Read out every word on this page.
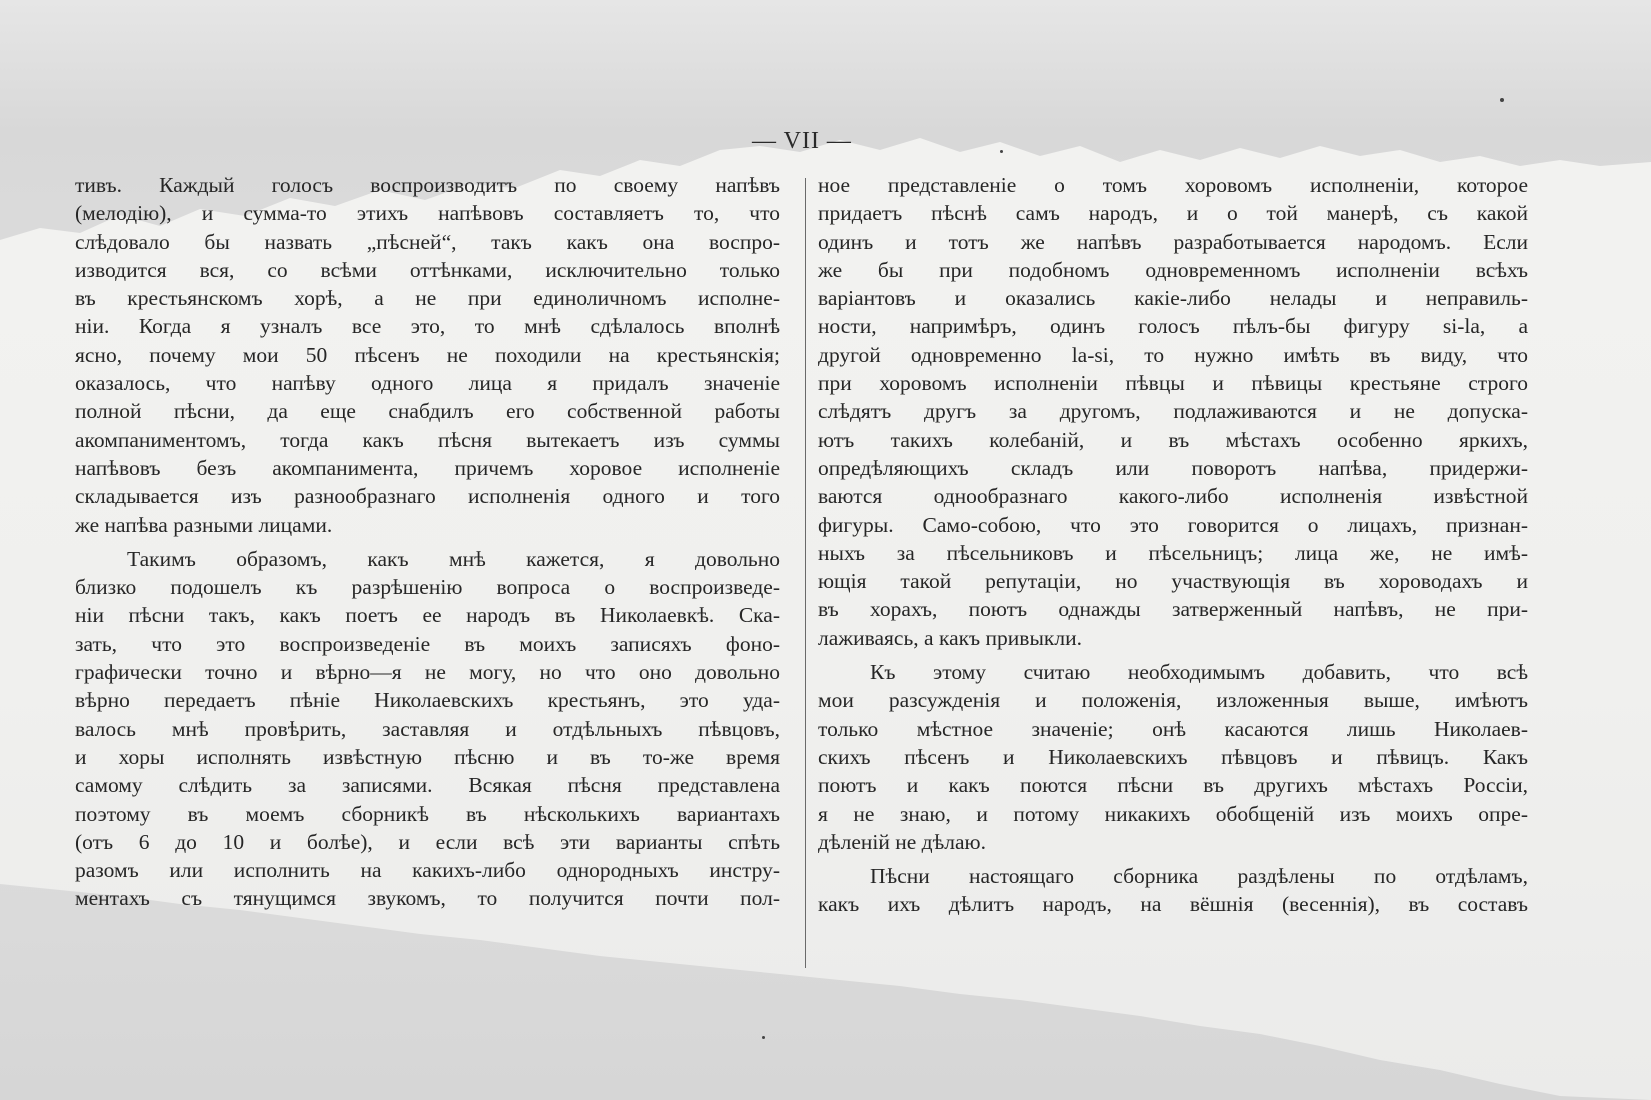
— VII —
тивъ. Каждый голосъ воспроизводитъ по своему напѣвъ
(мелодію), и сумма-то этихъ напѣвовъ составляетъ то, что
слѣдовало бы назвать „пѣсней“, такъ какъ она воспро-
изводится вся, со всѣми оттѣнками, исключительно только
въ крестьянскомъ хорѣ, а не при единоличномъ исполне-
ніи. Когда я узналъ все это, то мнѣ сдѣлалось вполнѣ
ясно, почему мои 50 пѣсенъ не походили на крестьянскія;
оказалось, что напѣву одного лица я придалъ значеніе
полной пѣсни, да еще снабдилъ его собственной работы
акомпаниментомъ, тогда какъ пѣсня вытекаетъ изъ суммы
напѣвовъ безъ акомпанимента, причемъ хоровое исполненіе
складывается изъ разнообразнаго исполненія одного и того
же напѣва разными лицами.
Такимъ образомъ, какъ мнѣ кажется, я довольно
близко подошелъ къ разрѣшенію вопроса о воспроизведе-
ніи пѣсни такъ, какъ поетъ ее народъ въ Николаевкѣ. Ска-
зать, что это воспроизведеніе въ моихъ записяхъ фоно-
графически точно и вѣрно—я не могу, но что оно довольно
вѣрно передаетъ пѣніе Николаевскихъ крестьянъ, это уда-
валось мнѣ провѣрить, заставляя и отдѣльныхъ пѣвцовъ,
и хоры исполнять извѣстную пѣсню и въ то-же время
самому слѣдить за записями. Всякая пѣсня представлена
поэтому въ моемъ сборникѣ въ нѣсколькихъ вариантахъ
(отъ 6 до 10 и болѣе), и если всѣ эти варианты спѣть
разомъ или исполнить на какихъ-либо однородныхъ инстру-
ментахъ съ тянущимся звукомъ, то получится почти пол-
ное представленіе о томъ хоровомъ исполненіи, которое
придаетъ пѣснѣ самъ народъ, и о той манерѣ, съ какой
одинъ и тотъ же напѣвъ разработывается народомъ. Если
же бы при подобномъ одновременномъ исполненіи всѣхъ
варіантовъ и оказались какіе-либо нелады и неправиль-
ности, напримѣръ, одинъ голосъ пѣлъ-бы фигуру si-la, а
другой одновременно la-si, то нужно имѣть въ виду, что
при хоровомъ исполненіи пѣвцы и пѣвицы крестьяне строго
слѣдятъ другъ за другомъ, подлаживаются и не допуска-
ютъ такихъ колебаній, и въ мѣстахъ особенно яркихъ,
опредѣляющихъ складъ или поворотъ напѣва, придержи-
ваются однообразнаго какого-либо исполненія извѣстной
фигуры. Само-собою, что это говорится о лицахъ, признан-
ныхъ за пѣсельниковъ и пѣсельницъ; лица же, не имѣ-
ющія такой репутаціи, но участвующія въ хороводахъ и
въ хорахъ, поютъ однажды затверженный напѣвъ, не при-
лаживаясь, а какъ привыкли.
Къ этому считаю необходимымъ добавить, что всѣ
мои разсужденія и положенія, изложенныя выше, имѣютъ
только мѣстное значеніе; онѣ касаются лишь Николаев-
скихъ пѣсенъ и Николаевскихъ пѣвцовъ и пѣвицъ. Какъ
поютъ и какъ поются пѣсни въ другихъ мѣстахъ Россіи,
я не знаю, и потому никакихъ обобщеній изъ моихъ опре-
дѣленій не дѣлаю.
Пѣсни настоящаго сборника раздѣлены по отдѣламъ,
какъ ихъ дѣлитъ народъ, на вёшнія (весеннія), въ составъ
